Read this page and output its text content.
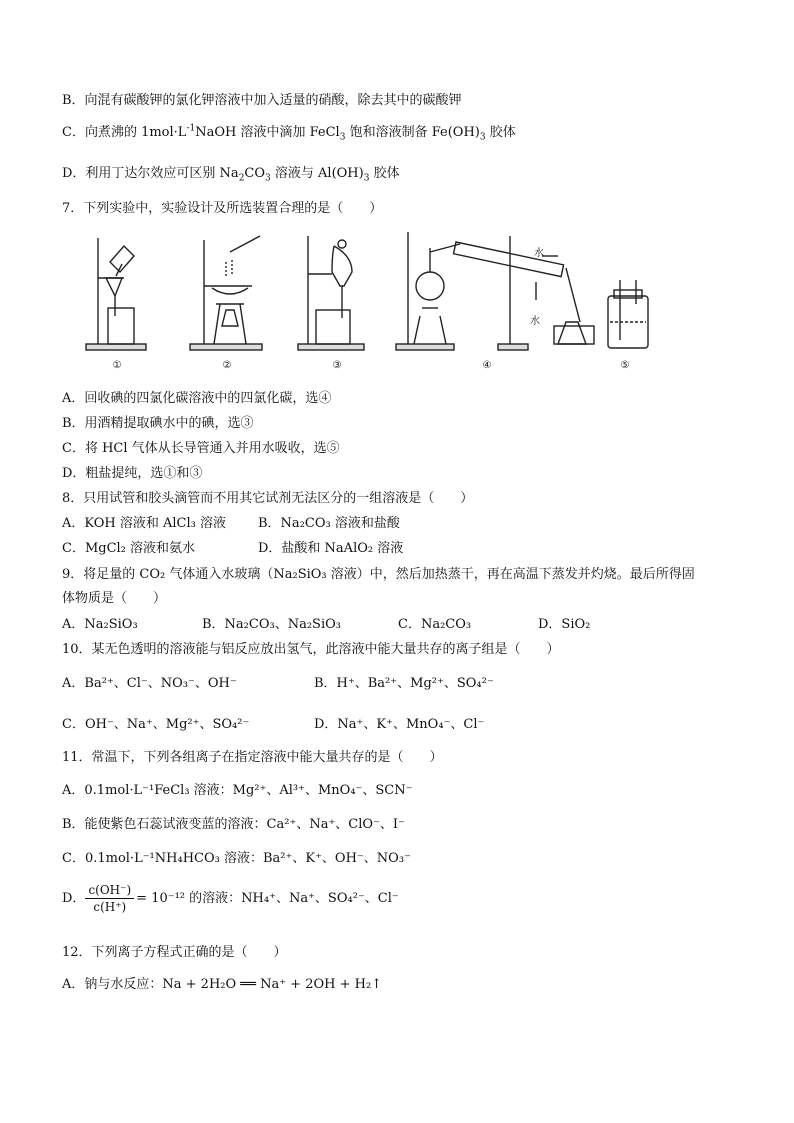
B．向混有碳酸钾的氯化钾溶液中加入适量的硝酸，除去其中的碳酸钾
C．向煮沸的 $1mol\cdot L^{-1}NaOH$ 溶液中滴加 FeCl$_3$ 饱和溶液制备 $Fe(OH)_3$ 胶体
D．利用丁达尔效应可区别 $Na_2CO_3$ 溶液与 $Al(OH)_3$ 胶体
7．下列实验中，实验设计及所选装置合理的是（　　）
水
水
①	②	③	④	⑤
A．回收碘的四氯化碳溶液中的四氯化碳，选④
B．用酒精提取碘水中的碘，选③
C．将 HCl 气体从长导管通入并用水吸收，选⑤
D．粗盐提纯，选①和③
8．只用试管和胶头滴管而不用其它试剂无法区分的一组溶液是（　　）
A．KOH 溶液和 AlCl₃ 溶液 B．Na₂CO₃ 溶液和盐酸
C．MgCl₂ 溶液和氨水	D．盐酸和 NaAlO₂ 溶液
9．将足量的 CO₂ 气体通入水玻璃（Na₂SiO₃ 溶液）中，然后加热蒸干，再在高温下蒸发并灼烧。最后所得固
体物质是（　　）
A．Na₂SiO₃	B．Na₂CO₃、Na₂SiO₃	C．Na₂CO₃	D．SiO₂
10．某无色透明的溶液能与铝反应放出氢气，此溶液中能大量共存的离子组是（　　）
A．Ba²⁺、Cl⁻、NO₃⁻、OH⁻	B．H⁺、Ba²⁺、Mg²⁺、SO₄²⁻
C．OH⁻、Na⁺、Mg²⁺、SO₄²⁻	D．Na⁺、K⁺、MnO₄⁻、Cl⁻
11．常温下，下列各组离子在指定溶液中能大量共存的是（　　）
A．0.1mol·L⁻¹FeCl₃ 溶液：Mg²⁺、Al³⁺、MnO₄⁻、SCN⁻
B．能使紫色石蕊试液变蓝的溶液：Ca²⁺、Na⁺、ClO⁻、I⁻
C．0.1mol·L⁻¹NH₄HCO₃ 溶液：Ba²⁺、K⁺、OH⁻、NO₃⁻
D． $\frac{c(OH^-)}{c(H^+)} = 10^{-12}$ 的溶液：NH₄⁺、Na⁺、SO₄²⁻、Cl⁻
12．下列离子方程式正确的是（　　）
A．钠与水反应：Na + 2H₂O ══ Na⁺ + 2OH + H₂↑
